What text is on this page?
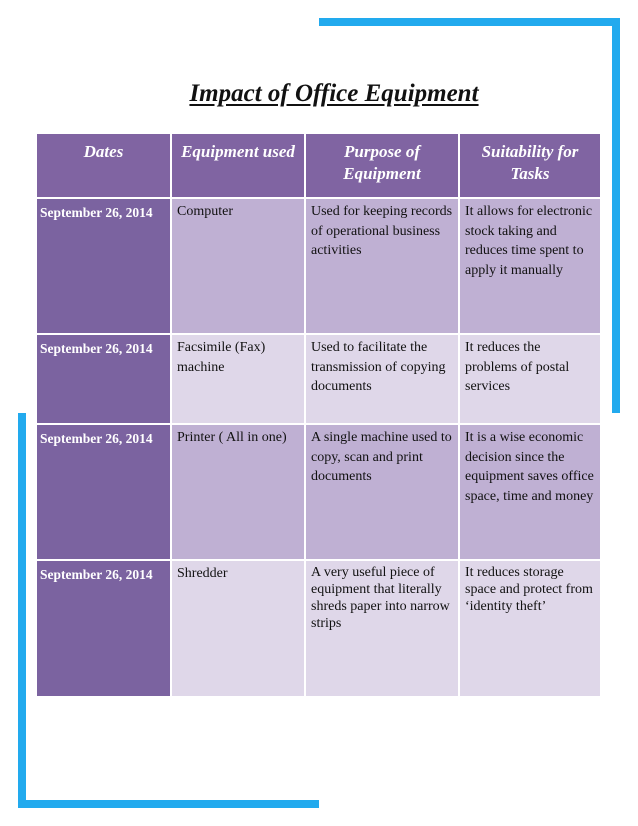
Impact of Office Equipment
Dates	Equipment used	Purpose of Equipment	Suitability for Tasks
September 26, 2014	Computer	Used for keeping records of operational business activities	It allows for electronic stock taking and reduces time spent to apply it manually
September 26, 2014	Facsimile (Fax) machine	Used to facilitate the transmission of copying documents	It reduces the problems of postal services
September 26, 2014	Printer ( All in one)	A single machine used to copy, scan and print documents	It is a wise economic decision since the equipment saves office space, time and money
September 26, 2014	Shredder	A very useful piece of equipment that literally shreds paper into narrow strips	It reduces storage space and protect from ‘identity theft’
